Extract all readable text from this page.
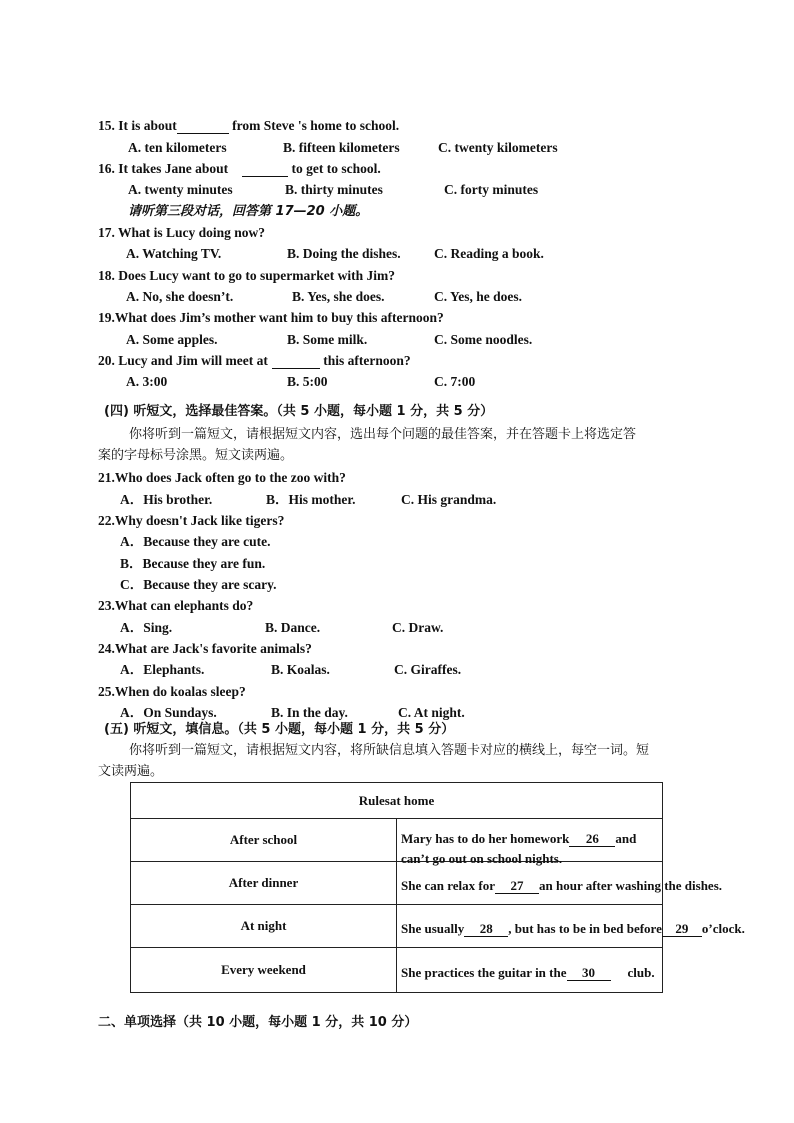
15. It is about	from Steve 's home to school.
A. ten kilometers	B. fifteen kilometers	C. twenty kilometers
16. It takes Jane about	to get to school.
A. twenty minutes	B. thirty minutes	C. forty minutes
请听第三段对话，回答第 17—20 小题。
17. What is Lucy doing now?
A. Watching TV.	B. Doing the dishes. C. Reading a book.
18. Does Lucy want to go to supermarket with Jim?
A. No, she doesn’t.	B. Yes, she does.	C. Yes, he does.
19.What does Jim’s mother want him to buy this afternoon?
A. Some apples.	B. Some milk.	C. Some noodles.
20. Lucy and Jim will meet at	this afternoon?
A. 3:00	B. 5:00	C. 7:00
(四) 听短文，选择最佳答案。（共 5 小题，每小题 1 分，共 5 分）
你将听到一篇短文，请根据短文内容，选出每个问题的最佳答案，并在答题卡上将选定答
案的字母标号涂黑。短文读两遍。
21.Who does Jack often go to the zoo with?
A．His brother.	B．His mother.	C. His grandma.
22.Why doesn't Jack like tigers?
A．Because they are cute.
B．Because they are fun.
C．Because they are scary.
23.What can elephants do?
A．Sing.	B. Dance.	C. Draw.
24.What are Jack's favorite animals?
A．Elephants.	B. Koalas.	C. Giraffes.
25.When do koalas sleep?
A．On Sundays.	B. In the day.	C. At night.
(五) 听短文，填信息。（共 5 小题，每小题 1 分，共 5 分）
你将听到一篇短文，请根据短文内容，将所缺信息填入答题卡对应的横线上，每空一词。短
文读两遍。
Rulesat home	
After school	Mary has to do her homework 26 and can’t go out on school nights.

After dinner	She can relax for 27 an hour after washing the dishes.
At night	She usually 28 , but has to be in bed before 29 o’clock.
Every weekend	She practices the guitar in the 30 club.
二、单项选择（共 10 小题，每小题 1 分，共 10 分）
